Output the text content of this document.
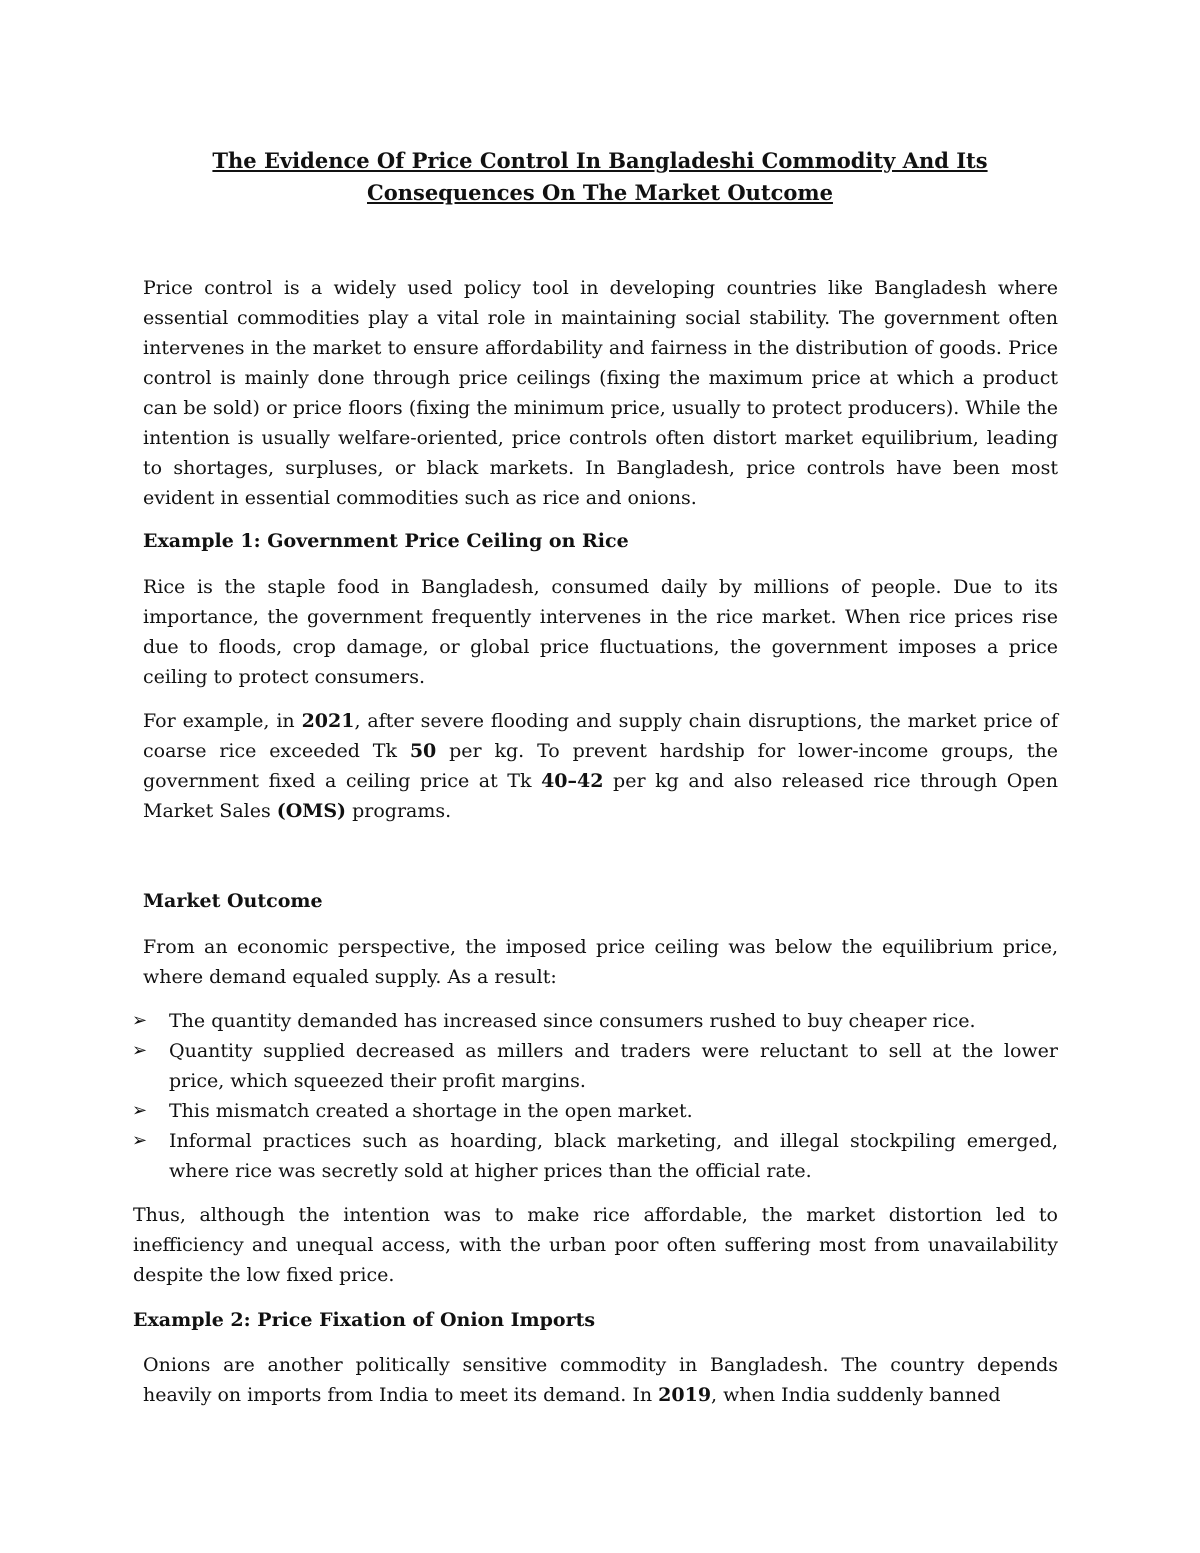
The Evidence Of Price Control In Bangladeshi Commodity And Its
Consequences On The Market Outcome
Price control is a widely used policy tool in developing countries like Bangladesh where essential commodities play a vital role in maintaining social stability. The government often intervenes in the market to ensure affordability and fairness in the distribution of goods. Price control is mainly done through price ceilings (fixing the maximum price at which a product can be sold) or price floors (fixing the minimum price, usually to protect producers). While the intention is usually welfare-oriented, price controls often distort market equilibrium, leading to shortages, surpluses, or black markets. In Bangladesh, price controls have been most evident in essential commodities such as rice and onions.
Example 1: Government Price Ceiling on Rice
Rice is the staple food in Bangladesh, consumed daily by millions of people. Due to its importance, the government frequently intervenes in the rice market. When rice prices rise due to floods, crop damage, or global price fluctuations, the government imposes a price ceiling to protect consumers.
For example, in 2021, after severe flooding and supply chain disruptions, the market price of coarse rice exceeded Tk 50 per kg. To prevent hardship for lower-income groups, the government fixed a ceiling price at Tk 40–42 per kg and also released rice through Open Market Sales (OMS) programs.
Market Outcome
From an economic perspective, the imposed price ceiling was below the equilibrium price, where demand equaled supply. As a result:
➢ The quantity demanded has increased since consumers rushed to buy cheaper rice.
➢ Quantity supplied decreased as millers and traders were reluctant to sell at the lower price, which squeezed their profit margins.
➢ This mismatch created a shortage in the open market.
➢ Informal practices such as hoarding, black marketing, and illegal stockpiling emerged, where rice was secretly sold at higher prices than the official rate.
Thus, although the intention was to make rice affordable, the market distortion led to inefficiency and unequal access, with the urban poor often suffering most from unavailability despite the low fixed price.
Example 2: Price Fixation of Onion Imports
Onions are another politically sensitive commodity in Bangladesh. The country depends heavily on imports from India to meet its demand. In 2019, when India suddenly banned
